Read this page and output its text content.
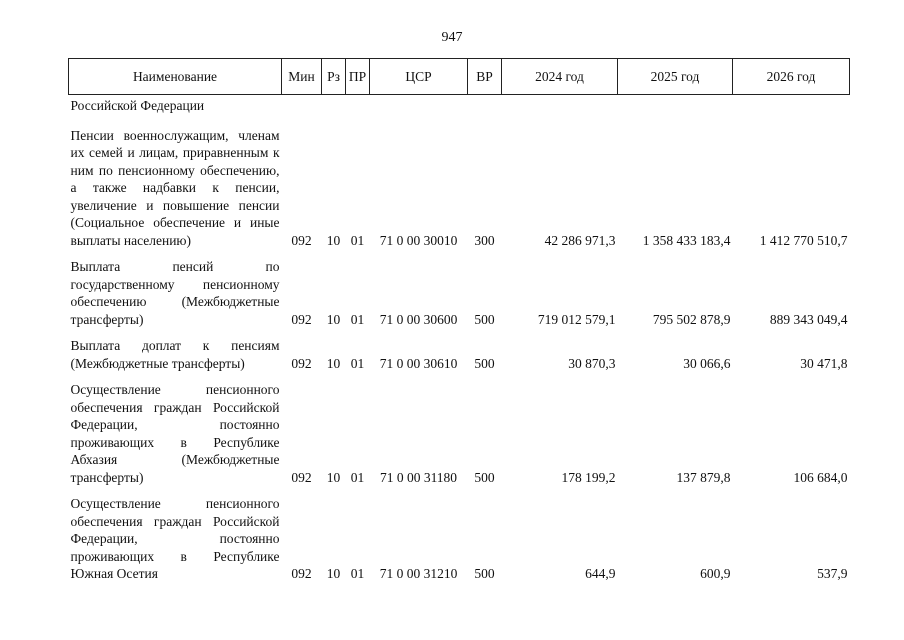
947
Наименование	Мин	Рз	ПР	ЦСР	ВР	2024 год	2025 год	2026 год
Российской Федерации								
Пенсии военнослужащим, членам их семей и лицам, приравненным к ним по пенсионному обеспечению, а также надбавки к пенсии, увеличение и повышение пенсии (Социальное обеспечение и иные выплаты населению)	092	10	01	71 0 00 30010	300	42 286 971,3	1 358 433 183,4	1 412 770 510,7
Выплата пенсий по государственному пенсионному обеспечению (Межбюджетные трансферты)	092	10	01	71 0 00 30600	500	719 012 579,1	795 502 878,9	889 343 049,4
Выплата доплат к пенсиям (Межбюджетные трансферты)	092	10	01	71 0 00 30610	500	30 870,3	30 066,6	30 471,8
Осуществление пенсионного обеспечения граждан Российской Федерации, постоянно проживающих в Республике Абхазия (Межбюджетные трансферты)	092	10	01	71 0 00 31180	500	178 199,2	137 879,8	106 684,0
Осуществление пенсионного обеспечения граждан Российской Федерации, постоянно проживающих в Республике Южная Осетия	092	10	01	71 0 00 31210	500	644,9	600,9	537,9
